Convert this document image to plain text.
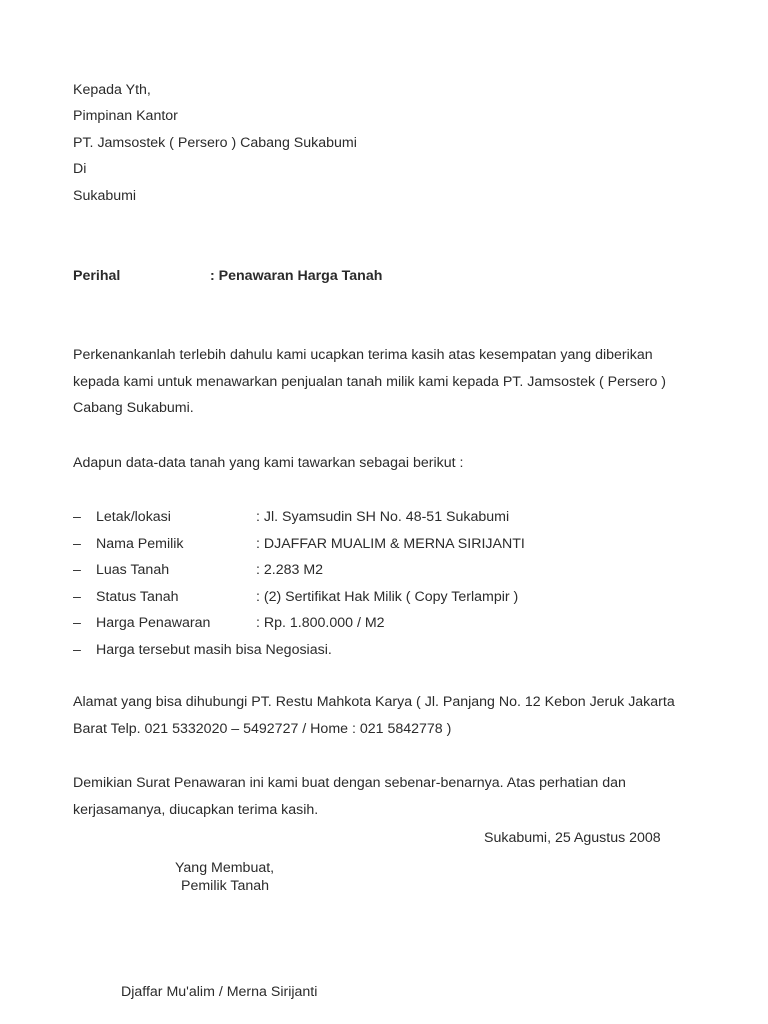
Kepada Yth,
Pimpinan Kantor
PT. Jamsostek ( Persero ) Cabang Sukabumi
Di
Sukabumi
Perihal	: Penawaran Harga Tanah
Perkenankanlah terlebih dahulu kami ucapkan terima kasih atas kesempatan yang diberikan kepada kami untuk menawarkan penjualan tanah milik kami kepada PT. Jamsostek ( Persero ) Cabang Sukabumi.
Adapun data-data tanah yang kami tawarkan sebagai berikut :
– Letak/lokasi	: Jl. Syamsudin SH No. 48-51 Sukabumi
– Nama Pemilik	: DJAFFAR MUALIM & MERNA SIRIJANTI
– Luas Tanah	: 2.283 M2
– Status Tanah	: (2) Sertifikat Hak Milik ( Copy Terlampir )
– Harga Penawaran	: Rp. 1.800.000 / M2
– Harga tersebut masih bisa Negosiasi.
Alamat yang bisa dihubungi PT. Restu Mahkota Karya ( Jl. Panjang No. 12 Kebon Jeruk Jakarta Barat Telp. 021 5332020 – 5492727 / Home : 021 5842778 )
Demikian Surat Penawaran ini kami buat dengan sebenar-benarnya. Atas perhatian dan kerjasamanya, diucapkan terima kasih.
Sukabumi, 25 Agustus 2008
Yang Membuat,
Pemilik Tanah
Djaffar Mu'alim / Merna Sirijanti
